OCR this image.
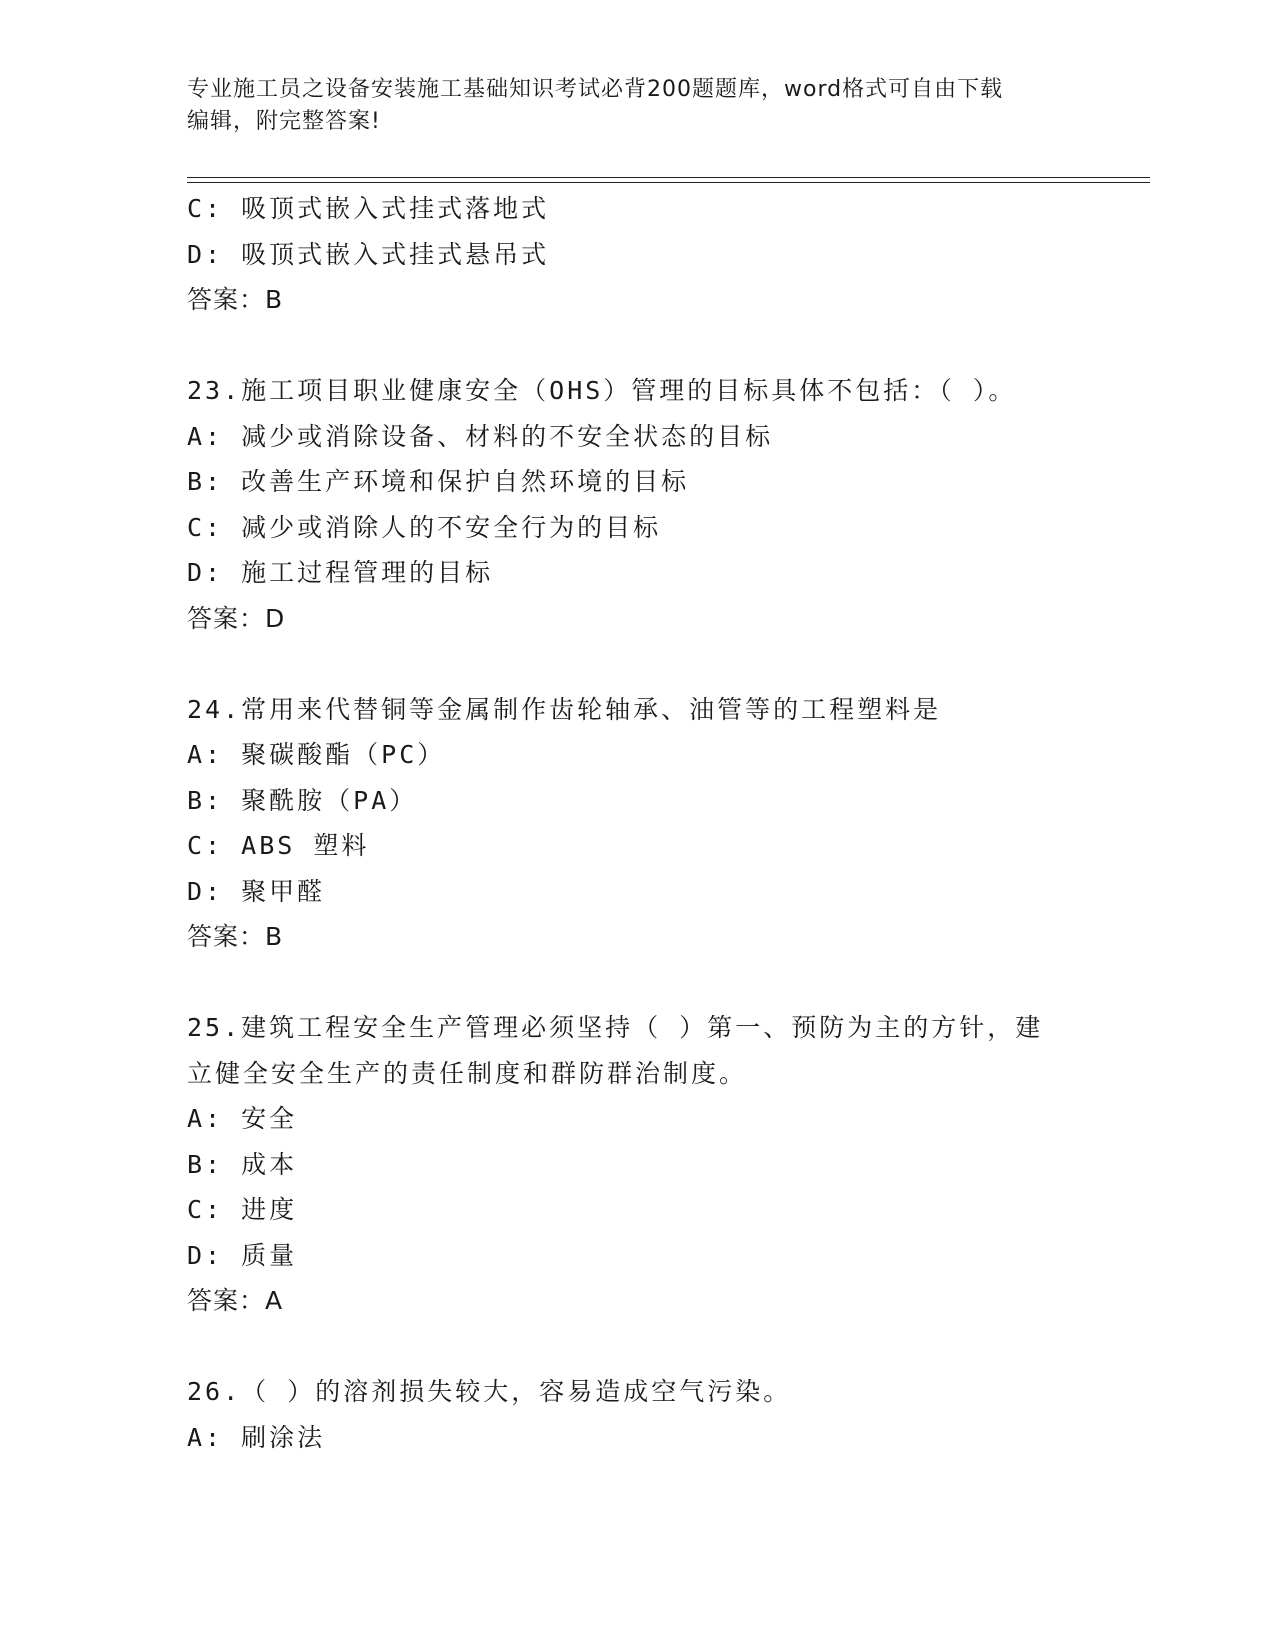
专业施工员之设备安装施工基础知识考试必背200题题库，word格式可自由下载
编辑，附完整答案!
C: 吸顶式嵌入式挂式落地式
D: 吸顶式嵌入式挂式悬吊式
答案：B
23.施工项目职业健康安全（OHS）管理的目标具体不包括：（ ）。
A: 减少或消除设备、材料的不安全状态的目标
B: 改善生产环境和保护自然环境的目标
C: 减少或消除人的不安全行为的目标
D: 施工过程管理的目标
答案：D
24.常用来代替铜等金属制作齿轮轴承、油管等的工程塑料是
A: 聚碳酸酯（PC）
B: 聚酰胺（PA）
C: ABS 塑料
D: 聚甲醛
答案：B
25.建筑工程安全生产管理必须坚持（ ）第一、预防为主的方针，建
立健全安全生产的责任制度和群防群治制度。
A: 安全
B: 成本
C: 进度
D: 质量
答案：A
26.（ ）的溶剂损失较大，容易造成空气污染。
A: 刷涂法
